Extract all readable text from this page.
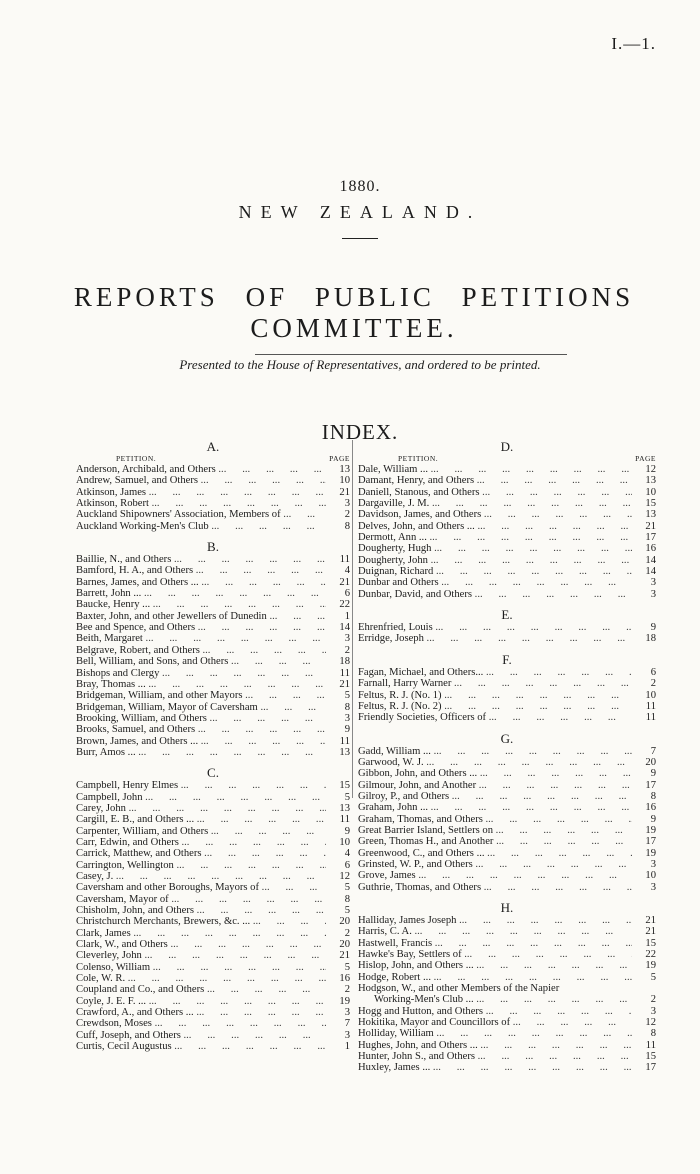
I.—1.
1880.
NEW ZEALAND.
REPORTS OF PUBLIC PETITIONS COMMITTEE.
Presented to the House of Representatives, and ordered to be printed.
INDEX.
A.
PETITION.	PAGE
Anderson, Archibald, and Others ...	13
Andrew, Samuel, and Others ...	10
Atkinson, James ...	21
Atkinson, Robert ...	3
Auckland Shipowners' Association, Members of ...	2
Auckland Working-Men's Club ...	8
B.
Baillie, N., and Others ...	11
Bamford, H. A., and Others ...	4
Barnes, James, and Others ... ...	21
Barrett, John ... ...	6
Baucke, Henry ... ...	22
Baxter, John, and other Jewellers of Dunedin ...	1
Bee and Spence, and Others ...	14
Beith, Margaret ...	3
Belgrave, Robert, and Others ...	2
Bell, William, and Sons, and Others ...	18
Bishops and Clergy ...	11
Bray, Thomas ... ...	21
Bridgeman, William, and other Mayors ...	5
Bridgeman, William, Mayor of Caversham ...	8
Brooking, William, and Others ...	3
Brooks, Samuel, and Others ...	9
Brown, James, and Others ... ...	11
Burr, Amos ... ...	13
C.
Campbell, Henry Elmes ...	15
Campbell, John ...	5
Carey, John ...	13
Cargill, E. B., and Others ... ...	11
Carpenter, William, and Others ...	9
Carr, Edwin, and Others ...	10
Carrick, Matthew, and Others ...	4
Carrington, Wellington ...	6
Casey, J. ...	12
Caversham and other Boroughs, Mayors of ...	5
Caversham, Mayor of ...	8
Chisholm, John, and Others ...	5
Christchurch Merchants, Brewers, &c. ... ...	20
Clark, James ...	2
Clark, W., and Others ...	20
Cleverley, John ...	21
Colenso, William ...	5
Cole, W. R. ...	16
Coupland and Co., and Others ...	2
Coyle, J. E. F. ... ...	19
Crawford, A., and Others ... ...	3
Crewdson, Moses ...	7
Cuff, Joseph, and Others ...	3
Curtis, Cecil Augustus ...	1
D.
PETITION.	PAGE
Dale, William ... ...	12
Damant, Henry, and Others ...	13
Daniell, Stanous, and Others ...	10
Dargaville, J. M. ...	15
Davidson, James, and Others ...	13
Delves, John, and Others ... ...	21
Dermott, Ann ... ...	17
Dougherty, Hugh ...	16
Dougherty, John ...	14
Duignan, Richard ...	14
Dunbar and Others ...	3
Dunbar, David, and Others ...	3
E.
Ehrenfried, Louis ...	9
Erridge, Joseph ...	18
F.
Fagan, Michael, and Others... ...	6
Farnall, Harry Warner ...	2
Feltus, R. J. (No. 1) ...	10
Feltus, R. J. (No. 2) ...	11
Friendly Societies, Officers of ...	11
G.
Gadd, William ... ...	7
Garwood, W. J. ...	20
Gibbon, John, and Others ... ...	9
Gilmour, John, and Another ...	17
Gilroy, P., and Others ...	8
Graham, John ... ...	16
Graham, Thomas, and Others ...	9
Great Barrier Island, Settlers on ...	19
Green, Thomas H., and Another ...	17
Greenwood, C., and Others ... ...	19
Grinsted, W. P., and Others ...	3
Grove, James ...	10
Guthrie, Thomas, and Others ...	3
H.
Halliday, James Joseph ...	21
Harris, C. A. ...	21
Hastwell, Francis ...	15
Hawke's Bay, Settlers of ...	22
Hislop, John, and Others ... ...	19
Hodge, Robert ... ...	5
Hodgson, W., and other Members of the Napier
Working-Men's Club ... ...	2
Hogg and Hutton, and Others ...	3
Hokitika, Mayor and Councillors of ...	12
Holliday, William ...	8
Hughes, John, and Others ... ...	11
Hunter, John S., and Others ...	15
Huxley, James ... ...	17
